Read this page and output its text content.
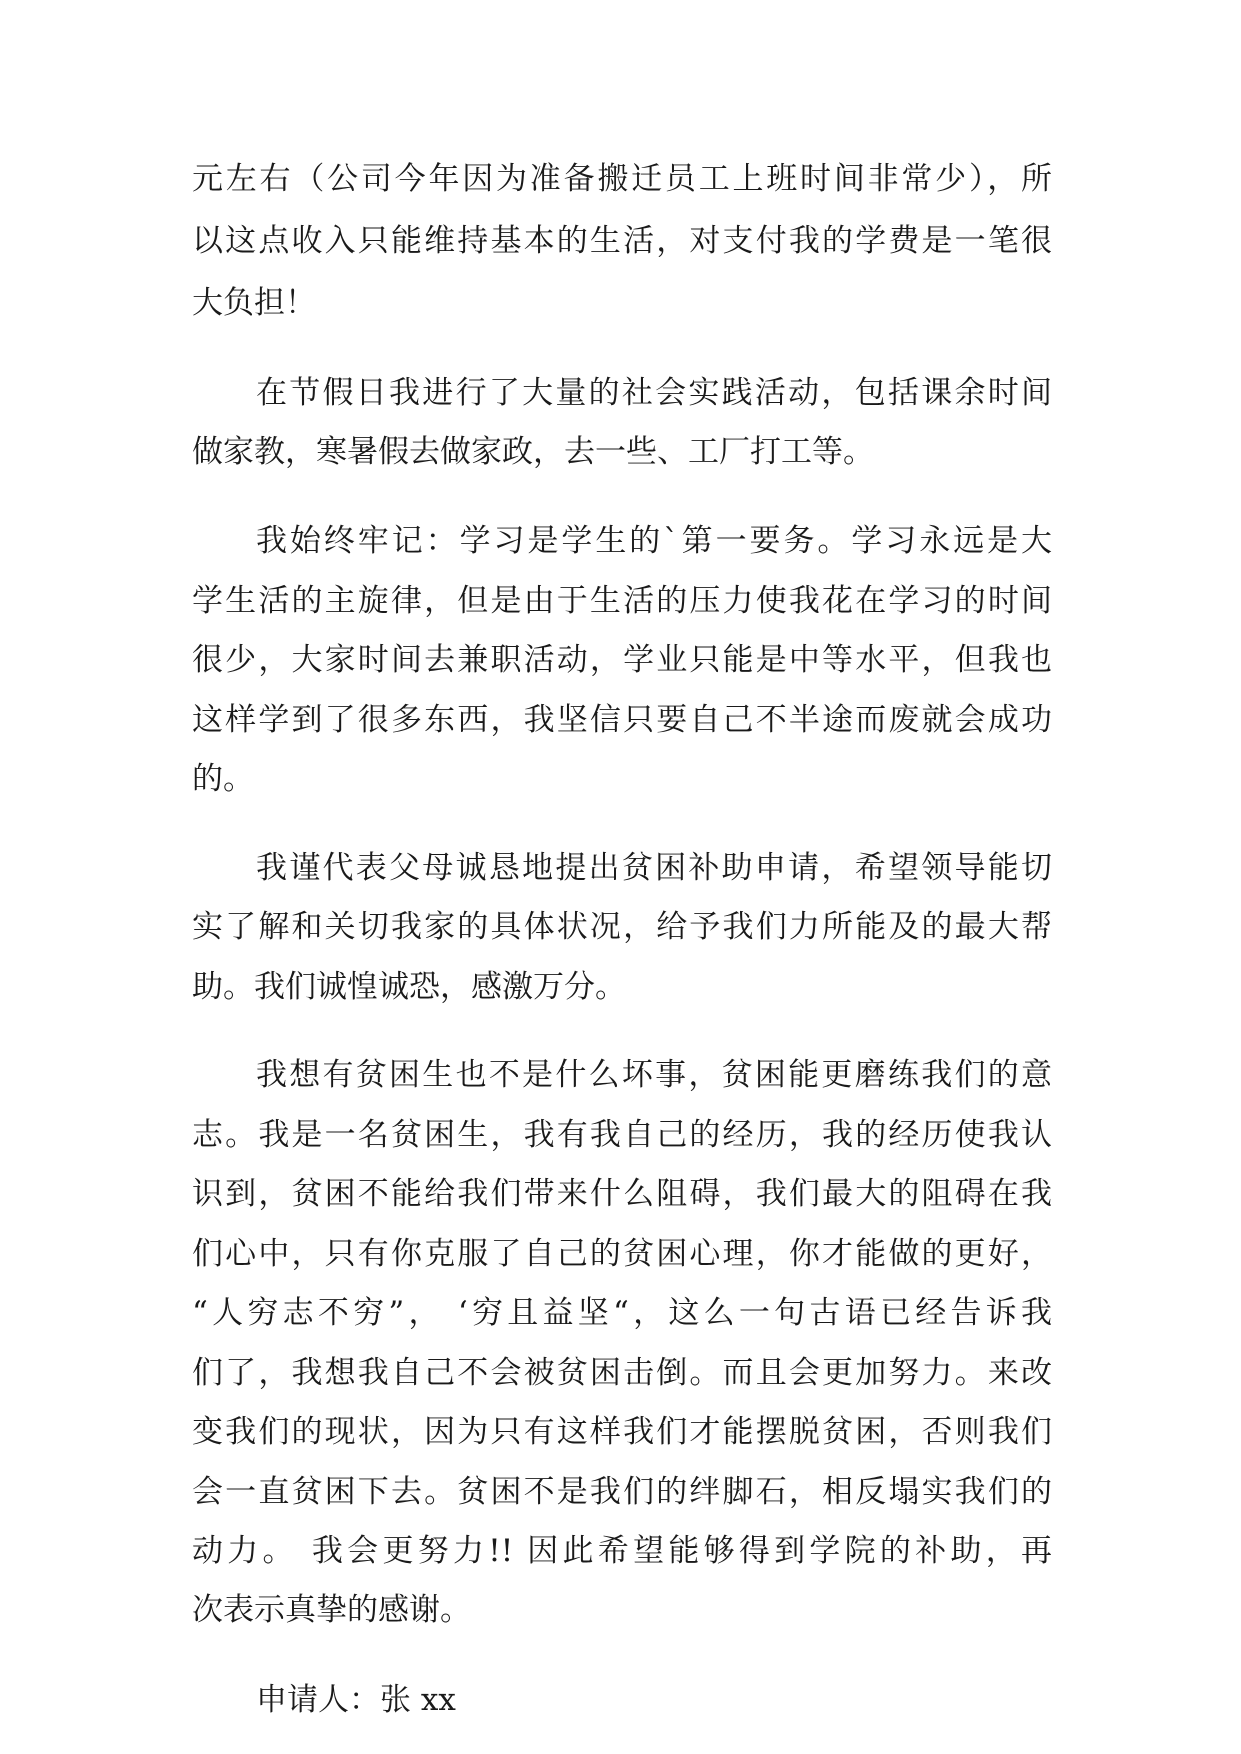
元左右（公司今年因为准备搬迁员工上班时间非常少），所
以这点收入只能维持基本的生活，对支付我的学费是一笔很
大负担！
在节假日我进行了大量的社会实践活动，包括课余时间
做家教，寒暑假去做家政，去一些、工厂打工等。
我始终牢记：学习是学生的`第一要务。学习永远是大
学生活的主旋律，但是由于生活的压力使我花在学习的时间
很少，大家时间去兼职活动，学业只能是中等水平，但我也
这样学到了很多东西，我坚信只要自己不半途而废就会成功
的。
我谨代表父母诚恳地提出贫困补助申请，希望领导能切
实了解和关切我家的具体状况，给予我们力所能及的最大帮
助。我们诚惶诚恐，感激万分。
我想有贫困生也不是什么坏事，贫困能更磨练我们的意
志。我是一名贫困生，我有我自己的经历，我的经历使我认
识到，贫困不能给我们带来什么阻碍，我们最大的阻碍在我
们心中，只有你克服了自己的贫困心理，你才能做的更好，
“人穷志不穷”， ‘穷且益坚“，这么一句古语已经告诉我
们了，我想我自己不会被贫困击倒。而且会更加努力。来改
变我们的现状，因为只有这样我们才能摆脱贫困，否则我们
会一直贫困下去。贫困不是我们的绊脚石，相反塌实我们的
动力。 我会更努力!! 因此希望能够得到学院的补助，再
次表示真挚的感谢。
申请人：张 xx
